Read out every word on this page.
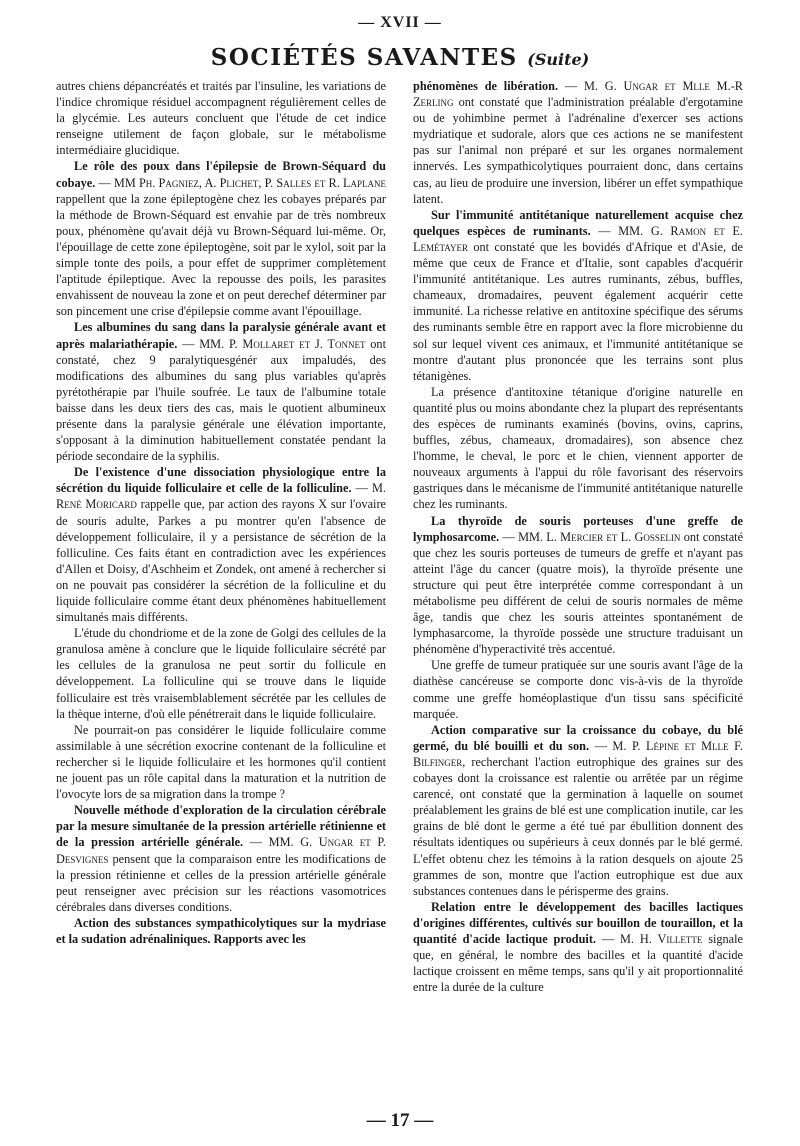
— XVII —
SOCIÉTÉS SAVANTES (Suite)

autres chiens dépancréatés et traités par l'insuline, les variations de l'indice chromique résiduel accompagnent régulièrement celles de la glycémie. Les auteurs concluent que l'étude de cet indice renseigne utilement de façon globale, sur le métabolisme intermédiaire glucidique.

Le rôle des poux dans l'épilepsie de Brown-Séquard du cobaye. — MM Ph. Pagniez, A. Plichet, P. Salles et R. Laplane rappellent que la zone épileptogène chez les cobayes préparés par la méthode de Brown-Séquard est envahie par de très nombreux poux, phénomène qu'avait déjà vu Brown-Séquard lui-même. Or, l'épouillage de cette zone épileptogène, soit par le xylol, soit par la simple tonte des poils, a pour effet de supprimer complètement l'aptitude épileptique. Avec la repousse des poils, les parasites envahissent de nouveau la zone et on peut derechef déterminer par son pincement une crise d'épilepsie comme avant l'épouillage.

Les albumines du sang dans la paralysie générale avant et après malariathérapie. — MM. P. Mollaret et J. Tonnet ont constaté, chez 9 paralytiquesgénér aux impaludés, des modifications des albumines du sang plus variables qu'après pyrétothérapie par l'huile soufrée. Le taux de l'albumine totale baisse dans les deux tiers des cas, mais le quotient albumineux présente dans la paralysie générale une élévation importante, s'opposant à la diminution habituellement constatée pendant la période secondaire de la syphilis.

De l'existence d'une dissociation physiologique entre la sécrétion du liquide folliculaire et celle de la folliculine. — M. René Moricard rappelle que, par action des rayons X sur l'ovaire de souris adulte, Parkes a pu montrer qu'en l'absence de développement folliculaire, il y a persistance de sécrétion de la folliculine. Ces faits étant en contradiction avec les expériences d'Allen et Doisy, d'Aschheim et Zondek, ont amené à rechercher si on ne pouvait pas considérer la sécrétion de la folliculine et du liquide folliculaire comme étant deux phénomènes habituellement simultanés mais différents.

L'étude du chondriome et de la zone de Golgi des cellules de la granulosa amène à conclure que le liquide folliculaire sécrété par les cellules de la granulosa ne peut sortir du follicule en développement. La folliculine qui se trouve dans le liquide folliculaire est très vraisemblablement sécrétée par les cellules de la thèque interne, d'où elle pénétrerait dans le liquide folliculaire.

Ne pourrait-on pas considérer le liquide folliculaire comme assimilable à une sécrétion exocrine contenant de la folliculine et rechercher si le liquide folliculaire et les hormones qu'il contient ne jouent pas un rôle capital dans la maturation et la nutrition de l'ovocyte lors de sa migration dans la trompe ?

Nouvelle méthode d'exploration de la circulation cérébrale par la mesure simultanée de la pression artérielle rétinienne et de la pression artérielle générale. — MM. G. Ungar et P. Desvignes pensent que la comparaison entre les modifications de la pression rétinienne et celles de la pression artérielle générale peut renseigner avec précision sur les réactions vasomotrices cérébrales dans diverses conditions.

Action des substances sympathicolytiques sur la mydriase et la sudation adrénaliniques. Rapports avec les

phénomènes de libération. — M. G. Ungar et Mlle M.-R Zerling ont constaté que l'administration préalable d'ergotamine ou de yohimbine permet à l'adrénaline d'exercer ses actions mydriatique et sudorale, alors que ces actions ne se manifestent pas sur l'animal non préparé et sur les organes normalement innervés. Les sympathicolytiques pourraient donc, dans certains cas, au lieu de produire une inversion, libérer un effet sympathique latent.

Sur l'immunité antitétanique naturellement acquise chez quelques espèces de ruminants. — MM. G. Ramon et E. Lemétayer ont constaté que les bovidés d'Afrique et d'Asie, de même que ceux de France et d'Italie, sont capables d'acquérir l'immunité antitétanique. Les autres ruminants, zébus, buffles, chameaux, dromadaires, peuvent également acquérir cette immunité. La richesse relative en antitoxine spécifique des sérums des ruminants semble être en rapport avec la flore microbienne du sol sur lequel vivent ces animaux, et l'immunité antitétanique se montre d'autant plus prononcée que les terrains sont plus tétanigènes.

La présence d'antitoxine tétanique d'origine naturelle en quantité plus ou moins abondante chez la plupart des représentants des espèces de ruminants examinés (bovins, ovins, caprins, buffles, zébus, chameaux, dromadaires), son absence chez l'homme, le cheval, le porc et le chien, viennent apporter de nouveaux arguments à l'appui du rôle favorisant des réservoirs gastriques dans le mécanisme de l'immunité antitétanique naturelle chez les ruminants.

La thyroïde de souris porteuses d'une greffe de lymphosarcome. — MM. L. Mercier et L. Gosselin ont constaté que chez les souris porteuses de tumeurs de greffe et n'ayant pas atteint l'âge du cancer (quatre mois), la thyroïde présente une structure qui peut être interprétée comme correspondant à un métabolisme peu différent de celui de souris normales de même âge, tandis que chez les souris atteintes spontanément de lymphasarcome, la thyroïde possède une structure traduisant un phénomène d'hyperactivité très accentué.

Une greffe de tumeur pratiquée sur une souris avant l'âge de la diathèse cancéreuse se comporte donc vis-à-vis de la thyroïde comme une greffe homéoplastique d'un tissu sans spécificité marquée.

Action comparative sur la croissance du cobaye, du blé germé, du blé bouilli et du son. — M. P. Lépine et Mlle F. Bilfinger, recherchant l'action eutrophique des graines sur des cobayes dont la croissance est ralentie ou arrêtée par un régime carencé, ont constaté que la germination à laquelle on soumet préalablement les grains de blé est une complication inutile, car les grains de blé dont le germe a été tué par ébullition donnent des résultats identiques ou supérieurs à ceux donnés par le blé germé. L'effet obtenu chez les témoins à la ration desquels on ajoute 25 grammes de son, montre que l'action eutrophique est due aux substances contenues dans le périsperme des grains.

Relation entre le développement des bacilles lactiques d'origines différentes, cultivés sur bouillon de touraillon, et la quantité d'acide lactique produit. — M. H. Villette signale que, en général, le nombre des bacilles et la quantité d'acide lactique croissent en même temps, sans qu'il y ait proportionnalité entre la durée de la culture

— 17 —
